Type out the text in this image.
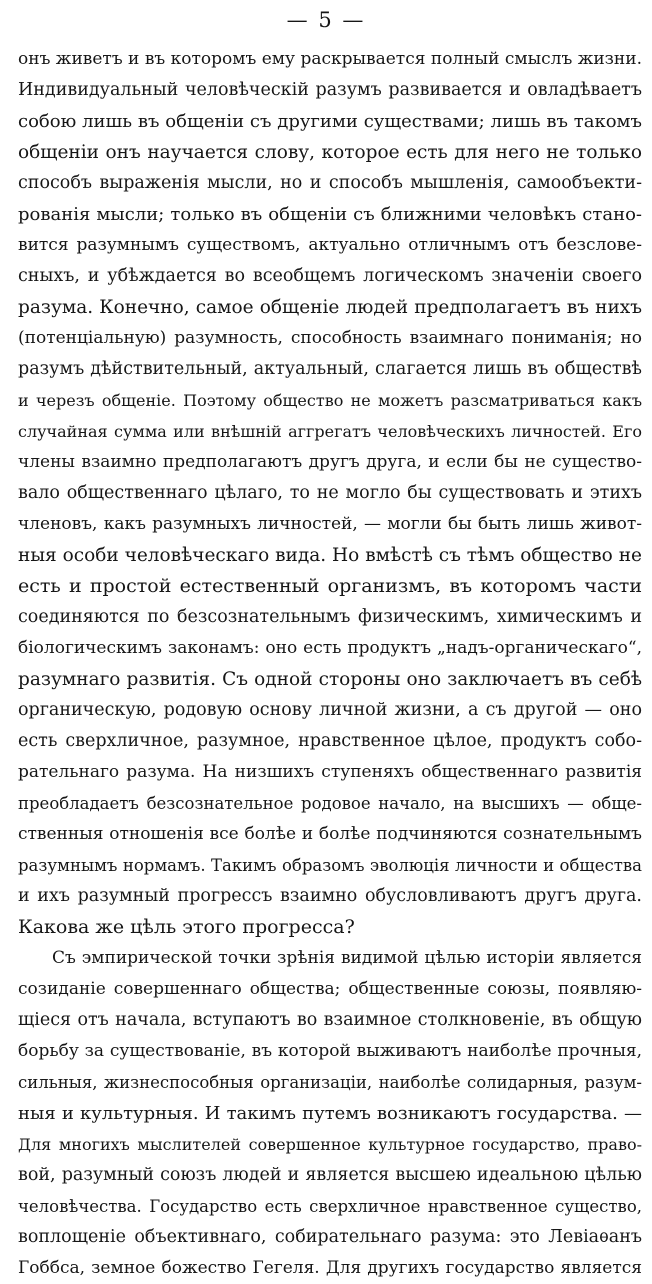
— 5 —
онъ живетъ и въ которомъ ему раскрывается полный смыслъ жизни.
Индивидуальный человѣческій разумъ развивается и овладѣваетъ
собою лишь въ общеніи съ другими существами; лишь въ такомъ
общеніи онъ научается слову, которое есть для него не только
способъ выраженія мысли, но и способъ мышленія, самообъекти-
рованія мысли; только въ общеніи съ ближними человѣкъ стано-
вится разумнымъ существомъ, актуально отличнымъ отъ безслове-
сныхъ, и убѣждается во всеобщемъ логическомъ значеніи своего
разума. Конечно, самое общеніе людей предполагаетъ въ нихъ
(потенціальную) разумность, способность взаимнаго пониманія; но
разумъ дѣйствительный, актуальный, слагается лишь въ обществѣ
и черезъ общеніе. Поэтому общество не можетъ разсматриваться какъ
случайная сумма или внѣшній аггрегатъ человѣческихъ личностей. Его
члены взаимно предполагаютъ другъ друга, и если бы не существо-
вало общественнаго цѣлаго, то не могло бы существовать и этихъ
членовъ, какъ разумныхъ личностей, — могли бы быть лишь живот-
ныя особи человѣческаго вида. Но вмѣстѣ съ тѣмъ общество не
есть и простой естественный организмъ, въ которомъ части
соединяются по безсознательнымъ физическимъ, химическимъ и
біологическимъ законамъ: оно есть продуктъ „надъ-органическаго“,
разумнаго развитія. Съ одной стороны оно заключаетъ въ себѣ
органическую, родовую основу личной жизни, а съ другой — оно
есть сверхличное, разумное, нравственное цѣлое, продуктъ собо-
рательнаго разума. На низшихъ ступеняхъ общественнаго развитія
преобладаетъ безсознательное родовое начало, на высшихъ — обще-
ственныя отношенія все болѣе и болѣе подчиняются сознательнымъ
разумнымъ нормамъ. Такимъ образомъ эволюція личности и общества
и ихъ разумный прогрессъ взаимно обусловливаютъ другъ друга.
Какова же цѣль этого прогресса?
Съ эмпирической точки зрѣнія видимой цѣлью исторіи является
созиданіе совершеннаго общества; общественные союзы, появляю-
щіеся отъ начала, вступаютъ во взаимное столкновеніе, въ общую
борьбу за существованіе, въ которой выживаютъ наиболѣе прочныя,
сильныя, жизнеспособныя организаціи, наиболѣе солидарныя, разум-
ныя и культурныя. И такимъ путемъ возникаютъ государства. —
Для многихъ мыслителей совершенное культурное государство, право-
вой, разумный союзъ людей и является высшею идеальною цѣлью
человѣчества. Государство есть сверхличное нравственное существо,
воплощеніе объективнаго, собирательнаго разума: это Левіаѳанъ
Гоббса, земное божество Гегеля. Для другихъ государство является
